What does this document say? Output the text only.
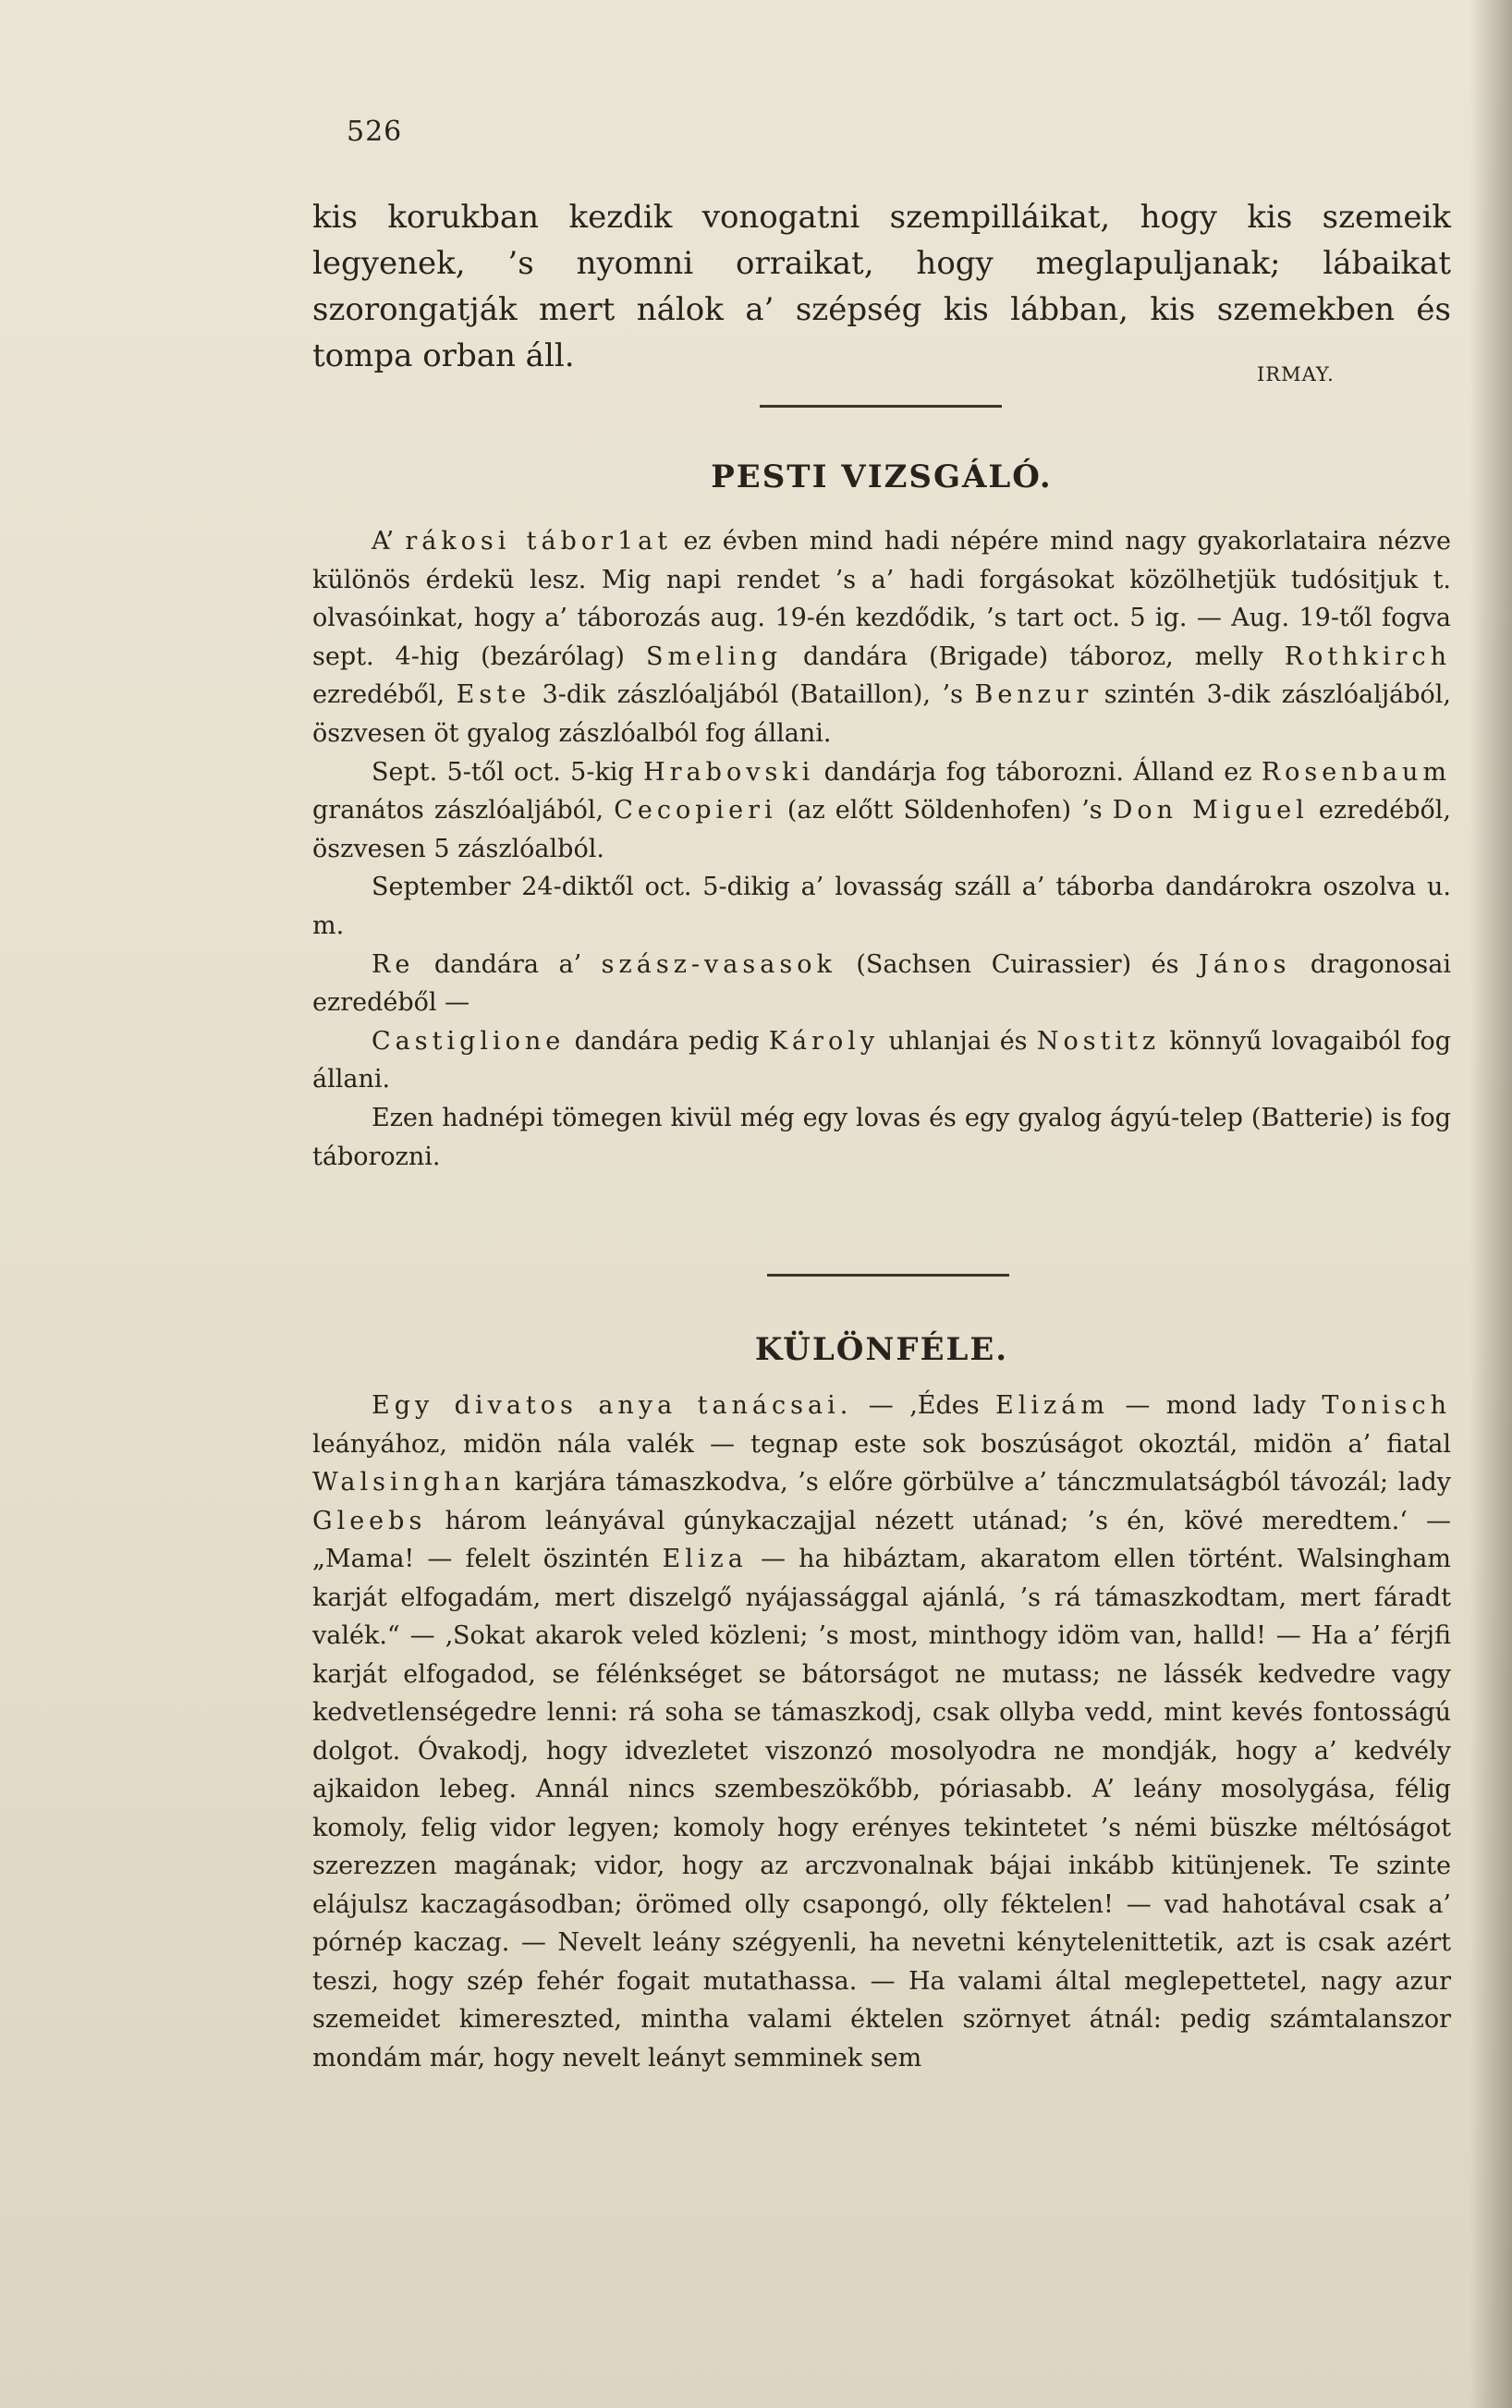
526

kis korukban kezdik vonogatni szempilláikat, hogy kis szemeik legyenek, ’s nyomni orraikat, hogy meglapuljanak; lábaikat szorongatják mert nálok a’ szépség kis lábban, kis szemekben és tompa orban áll.	IRMAY.
PESTI VIZSGÁLÓ.

A’ rákosi tábor1at ez évben mind hadi népére mind nagy gyakorlataira nézve különös érdekü lesz. Mig napi rendet ’s a’ hadi forgásokat közölhetjük tudósitjuk t. olvasóinkat, hogy a’ táborozás aug. 19-én kezdődik, ’s tart oct. 5 ig. — Aug. 19-től fogva sept. 4-hig (bezárólag) Smeling dandára (Brigade) táboroz, melly Rothkirch ezredéből, Este 3-dik zászlóaljából (Bataillon), ’s Benzur szintén 3-dik zászlóaljából, öszvesen öt gyalog zászlóalból fog állani.

Sept. 5-től oct. 5-kig Hrabovski dandárja fog táborozni. Álland ez Rosenbaum granátos zászlóaljából, Cecopieri (az előtt Söldenhofen) ’s Don Miguel ezredéből, öszvesen 5 zászlóalból.

September 24-diktől oct. 5-dikig a’ lovasság száll a’ táborba dandárokra oszolva u. m.

Re dandára a’ szász-vasasok (Sachsen Cuirassier) és János dragonosai ezredéből —

Castiglione dandára pedig Károly uhlanjai és Nostitz könnyű lovagaiból fog állani.

Ezen hadnépi tömegen kivül még egy lovas és egy gyalog ágyú-telep (Batterie) is fog táborozni.

KÜLÖNFÉLE.

Egy divatos anya tanácsai. — ‚Édes Elizám — mond lady Tonisch leányához, midön nála valék — tegnap este sok boszúságot okoztál, midön a’ fiatal Walsinghan karjára támaszkodva, ’s előre görbülve a’ tánczmulatságból távozál; lady Gleebs három leányával gúnykaczajjal nézett utánad; ’s én, kövé meredtem.‘ — „Mama! — felelt öszintén Eliza — ha hibáztam, akaratom ellen történt. Walsingham karját elfogadám, mert diszelgő nyájassággal ajánlá, ’s rá támaszkodtam, mert fáradt valék.“ — ‚Sokat akarok veled közleni; ’s most, minthogy idöm van, halld! — Ha a’ férjfi karját elfogadod, se félénkséget se bátorságot ne mutass; ne lássék kedvedre vagy kedvetlenségedre lenni: rá soha se támaszkodj, csak ollyba vedd, mint kevés fontosságú dolgot. Óvakodj, hogy idvezletet viszonzó mosolyodra ne mondják, hogy a’ kedvély ajkaidon lebeg. Annál nincs szembeszökőbb, póriasabb. A’ leány mosolygása, félig komoly, felig vidor legyen; komoly hogy erényes tekintetet ’s némi büszke méltóságot szerezzen magának; vidor, hogy az arczvonalnak bájai inkább kitünjenek. Te szinte elájulsz kaczagásodban; örömed olly csapongó, olly féktelen! — vad hahotával csak a’ pórnép kaczag. — Nevelt leány szégyenli, ha nevetni kénytelenittetik, azt is csak azért teszi, hogy szép fehér fogait mutathassa. — Ha valami által meglepettetel, nagy azur szemeidet kimereszted, mintha valami éktelen szörnyet átnál: pedig számtalanszor mondám már, hogy nevelt leányt semminek sem
